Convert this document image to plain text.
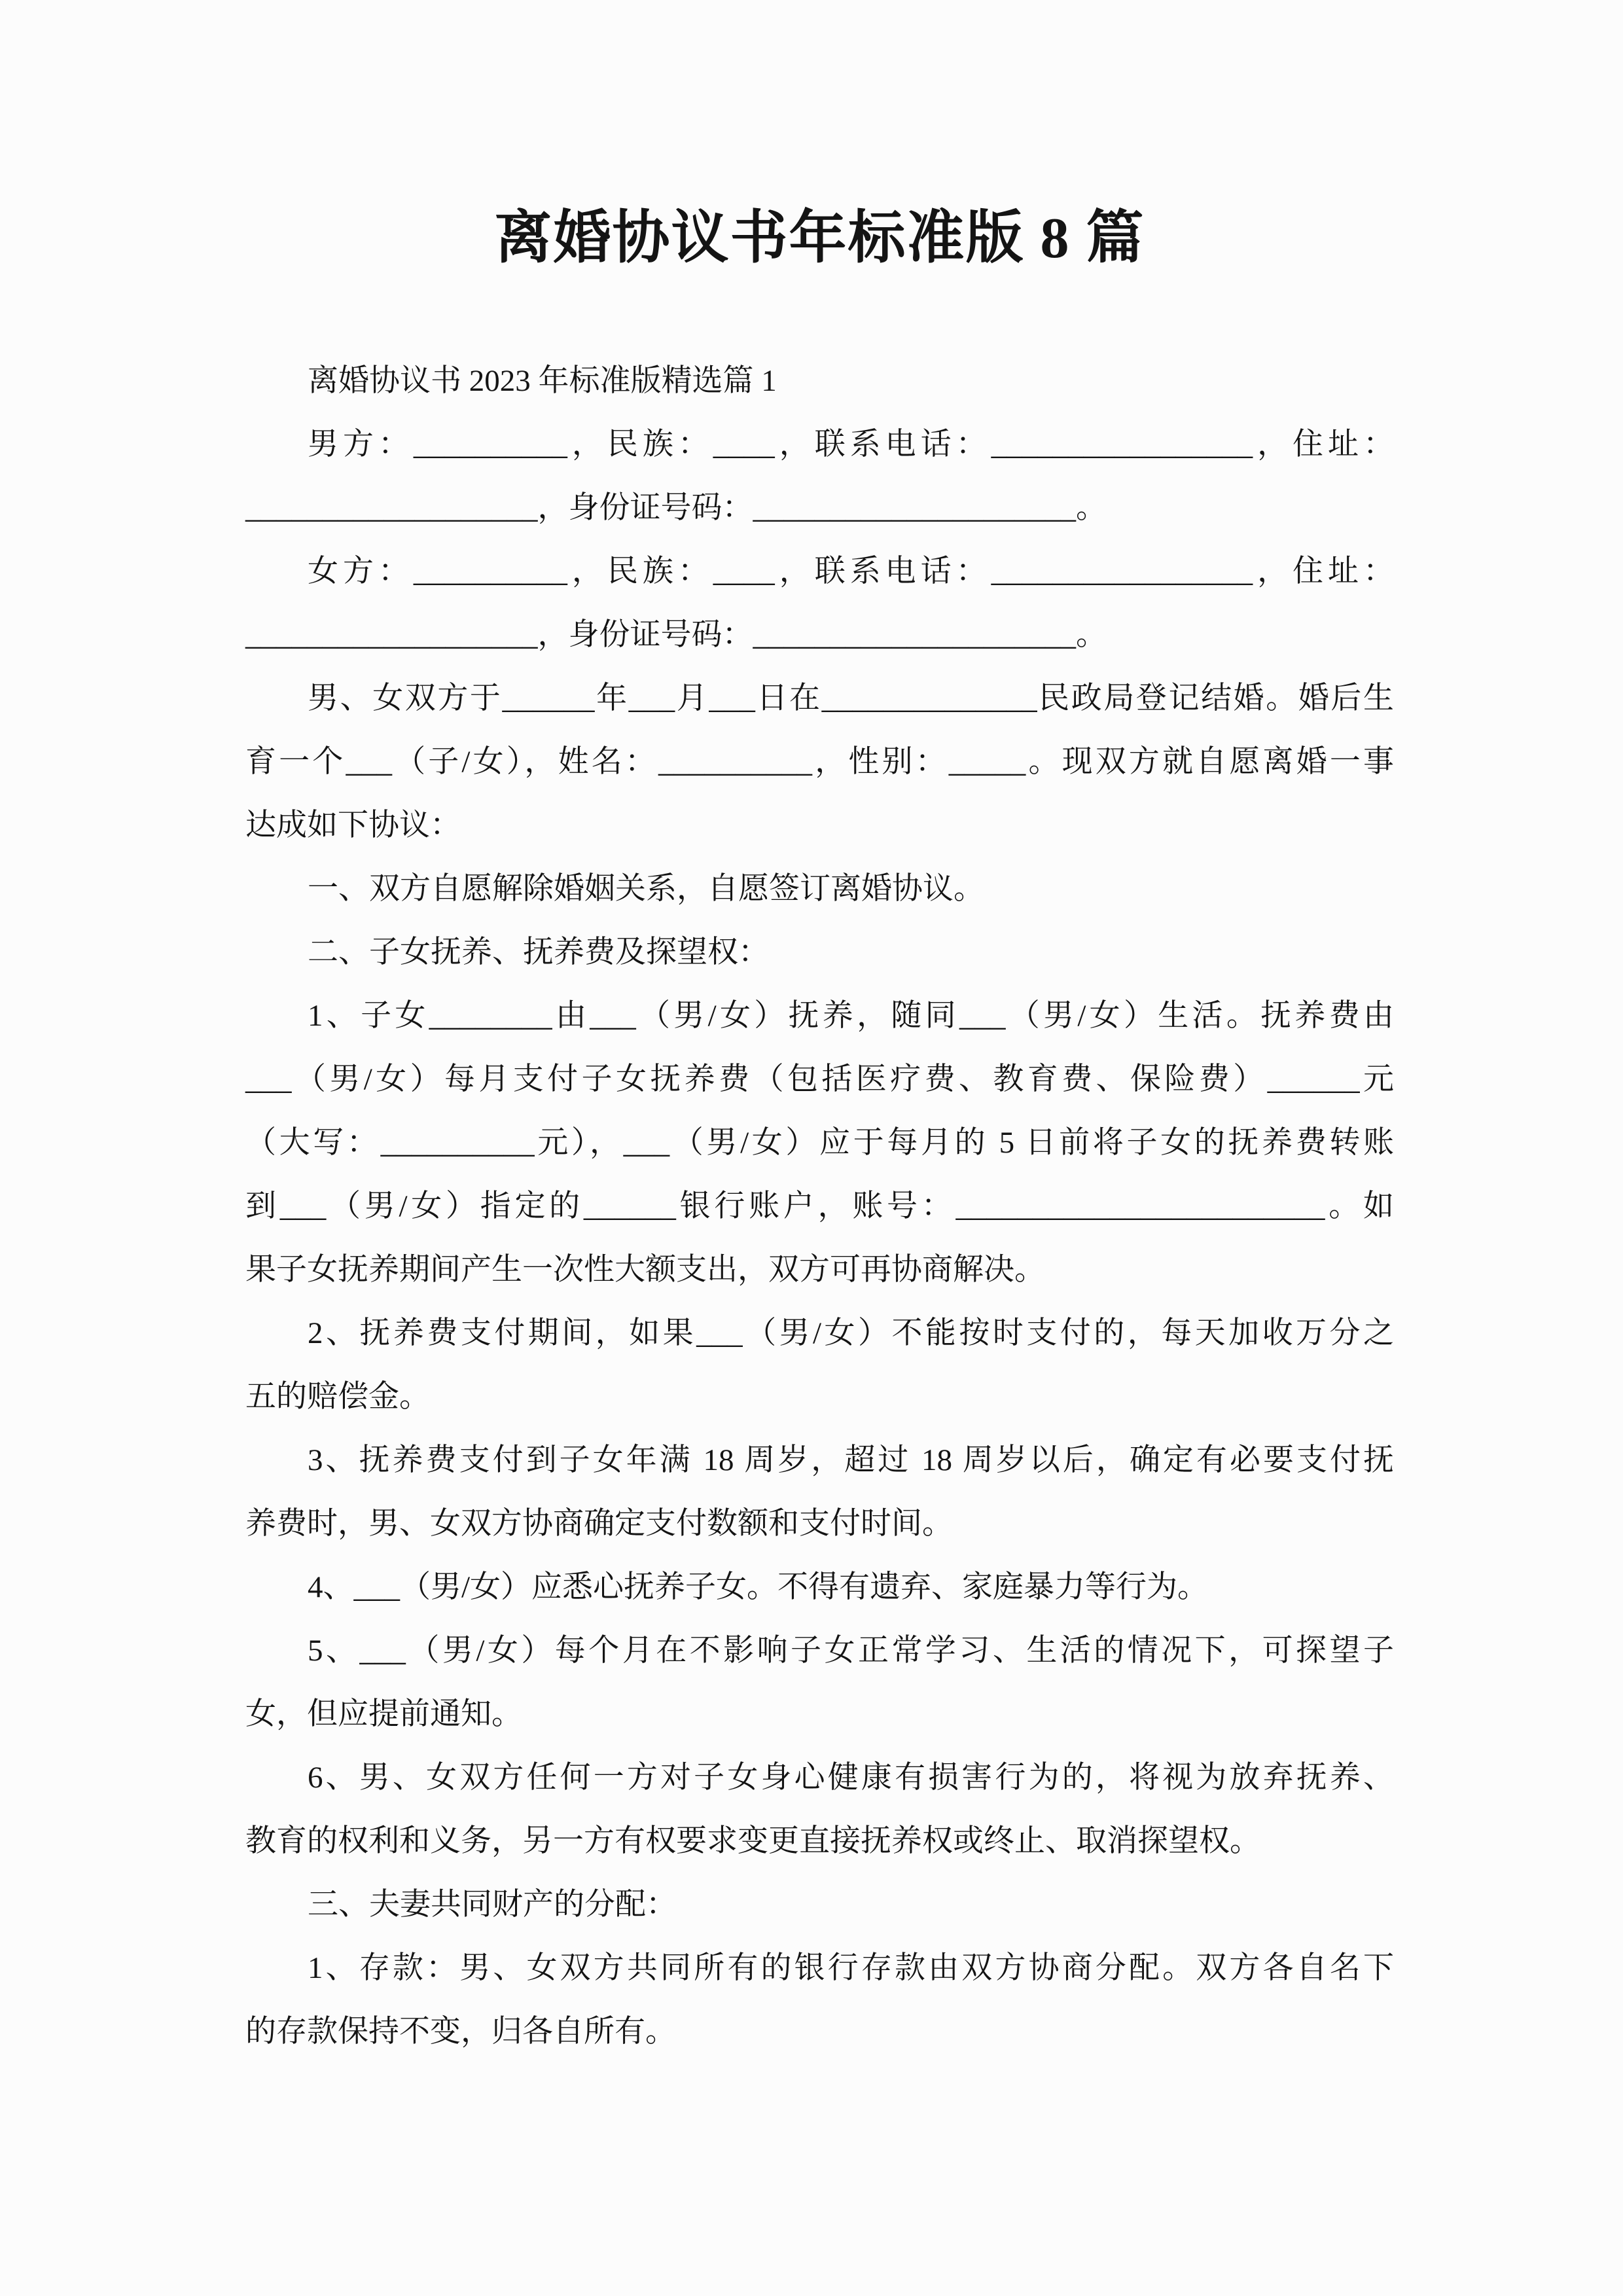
离婚协议书年标准版 8 篇
离婚协议书 2023 年标准版精选篇 1
男方：__________，民族：____，联系电话：_________________，住址：
___________________，身份证号码：_____________________。
女方：__________，民族：____，联系电话：_________________，住址：
___________________，身份证号码：_____________________。
男、女双方于______年___月___日在______________民政局登记结婚。婚后生
育一个___（子/女），姓名：__________，性别：_____。现双方就自愿离婚一事
达成如下协议：
一、双方自愿解除婚姻关系，自愿签订离婚协议。
二、子女抚养、抚养费及探望权：
1、子女________由___（男/女）抚养，随同___（男/女）生活。抚养费由
___（男/女）每月支付子女抚养费（包括医疗费、教育费、保险费）______元
（大写：__________元），___（男/女）应于每月的 5 日前将子女的抚养费转账
到___（男/女）指定的______银行账户，账号：________________________。如
果子女抚养期间产生一次性大额支出，双方可再协商解决。
2、抚养费支付期间，如果___（男/女）不能按时支付的，每天加收万分之
五的赔偿金。
3、抚养费支付到子女年满 18 周岁，超过 18 周岁以后，确定有必要支付抚
养费时，男、女双方协商确定支付数额和支付时间。
4、___（男/女）应悉心抚养子女。不得有遗弃、家庭暴力等行为。
5、___（男/女）每个月在不影响子女正常学习、生活的情况下，可探望子
女，但应提前通知。
6、男、女双方任何一方对子女身心健康有损害行为的，将视为放弃抚养、
教育的权利和义务，另一方有权要求变更直接抚养权或终止、取消探望权。
三、夫妻共同财产的分配：
1、存款：男、女双方共同所有的银行存款由双方协商分配。双方各自名下
的存款保持不变，归各自所有。
